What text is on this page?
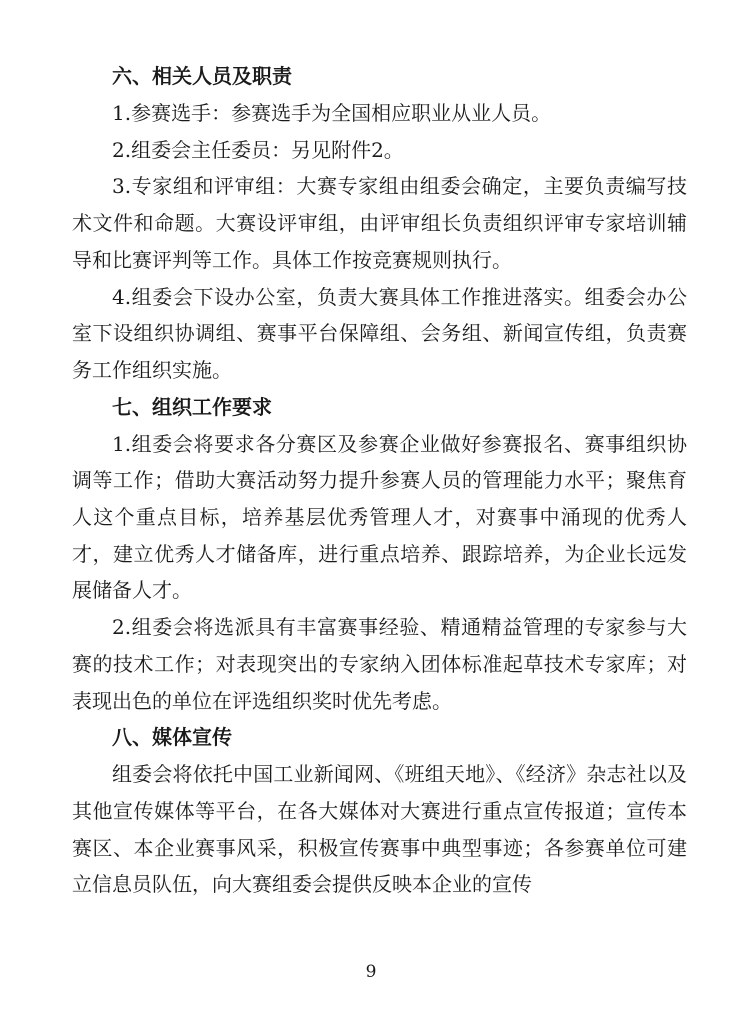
六、相关人员及职责

1.参赛选手：参赛选手为全国相应职业从业人员。

2.组委会主任委员：另见附件2。

3.专家组和评审组：大赛专家组由组委会确定，主要负责编写技术文件和命题。大赛设评审组，由评审组长负责组织评审专家培训辅导和比赛评判等工作。具体工作按竞赛规则执行。

4.组委会下设办公室，负责大赛具体工作推进落实。组委会办公室下设组织协调组、赛事平台保障组、会务组、新闻宣传组，负责赛务工作组织实施。

七、组织工作要求

1.组委会将要求各分赛区及参赛企业做好参赛报名、赛事组织协调等工作；借助大赛活动努力提升参赛人员的管理能力水平；聚焦育人这个重点目标，培养基层优秀管理人才，对赛事中涌现的优秀人才，建立优秀人才储备库，进行重点培养、跟踪培养，为企业长远发展储备人才。

2.组委会将选派具有丰富赛事经验、精通精益管理的专家参与大赛的技术工作；对表现突出的专家纳入团体标准起草技术专家库；对表现出色的单位在评选组织奖时优先考虑。

八、媒体宣传

组委会将依托中国工业新闻网、《班组天地》、《经济》杂志社以及其他宣传媒体等平台，在各大媒体对大赛进行重点宣传报道；宣传本赛区、本企业赛事风采，积极宣传赛事中典型事迹；各参赛单位可建立信息员队伍，向大赛组委会提供反映本企业的宣传

9
